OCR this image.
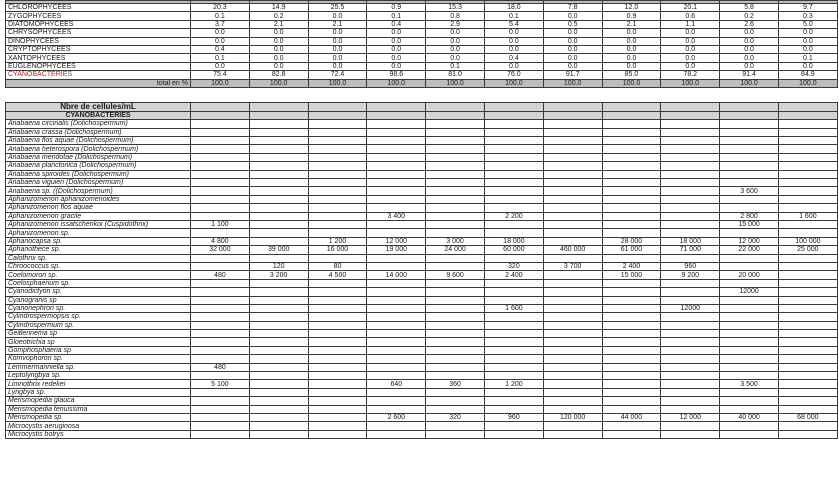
CHLOROPHYCEES	20.3	14.9	25.5	0.9	15.3	18.0	7.8	12.0	20.1	5.8	9.7
ZYGOPHYCEES	0.1	0.2	0.0	0.1	0.8	0.1	0.0	0.9	0.6	0.2	0.3
DIATOMOPHYCEES	3.7	2.1	2.1	0.4	2.9	5.4	0.5	2.1	1.1	2.6	5.0
CHRYSOPHYCEES	0.0	0.0	0.0	0.0	0.0	0.0	0.0	0.0	0.0	0.0	0.0
DINOPHYCEES	0.0	0.0	0.0	0.0	0.0	0.0	0.0	0.0	0.0	0.0	0.0
CRYPTOPHYCEES	0.4	0.0	0.0	0.0	0.0	0.0	0.0	0.0	0.0	0.0	0.0
XANTOPHYCEES	0.1	0.0	0.0	0.0	0.0	0.4	0.0	0.0	0.0	0.0	0.1
EUGLENOPHYCEES	0.0	0.0	0.0	0.0	0.1	0.0	0.0	0.0	0.0	0.0	0.0
CYANOBACTERIES	75.4	82.8	72.4	98.6	81.0	76.0	91.7	85.0	78.2	91.4	84.9
total en %	100.0	100.0	100.0	100.0	100.0	100.0	100.0	100.0	100.0	100.0	100.0

Nbre de cellules/mL											
CYANOBACTERIES											
Anabaena circinalis (Dolichospermum)											
Anabaena crassa (Dolichospermum)											
Anabaena flos aquae (Dolichospermum)											
Anabaena heterospora (Dolichospermum)											
Anabaena mendotae (Dolichospermum)											
Anabaena planctonica (Dolichospermum)											
Anabaena spiroides (Dolichospermum)											
Anabaena viguieri (Dolichospermum)											
Anabaena sp. ((Dolichospermum)										3 600	
Aphanizomenon aphanizomenoides											
Aphanizomenon flos aquae											
Aphanizomenon gracile				3 400		2 200				2 800	1 600
Aphanizomenon issatschenkoi (Cuspidothrix)	1 100									15 000	
Aphanizomenon sp.											
Aphanocapsa sp.	4 800		1 200	12 000	3 000	18 000		28 000	18 000	12 000	100 000
Aphanothece sp.	32 000	39 000	16 000	19 000	24 000	60 000	460 000	61 000	71 000	22 000	25 000
Calothrix sp.											
Chroococcus sp.		120	80			320	3 700	2 400	960		
Coelomoron sp.	480	3 200	4 500	14 000	9 600	2 400		15 000	9 200	20 000	
Coelosphaerium sp.											
Cyanodictyon sp.										12000	
Cyanogranis sp											
Cyanonephron sp.						1 600			12000		
Cylindrospermopsis sp.											
Cylindrospermum sp.											
Geitlerinema sp											
Gloeotrichia sp											
Gomphosphaeria sp											
Komvophoron sp.											
Lemmermanniella sp.	480										
Leptolyngbya sp.											
Limnothrix redekei	5 100			640	360	1 200				3 500	
Lyngbya sp.											
Merismopedia glauca											
Merismopedia tenuissima											
Merismopedia sp.				2 600	320	960	120 000	44 000	12 000	40 000	68 000
Microcystis aeruginosa											
Microcystis botrys											
